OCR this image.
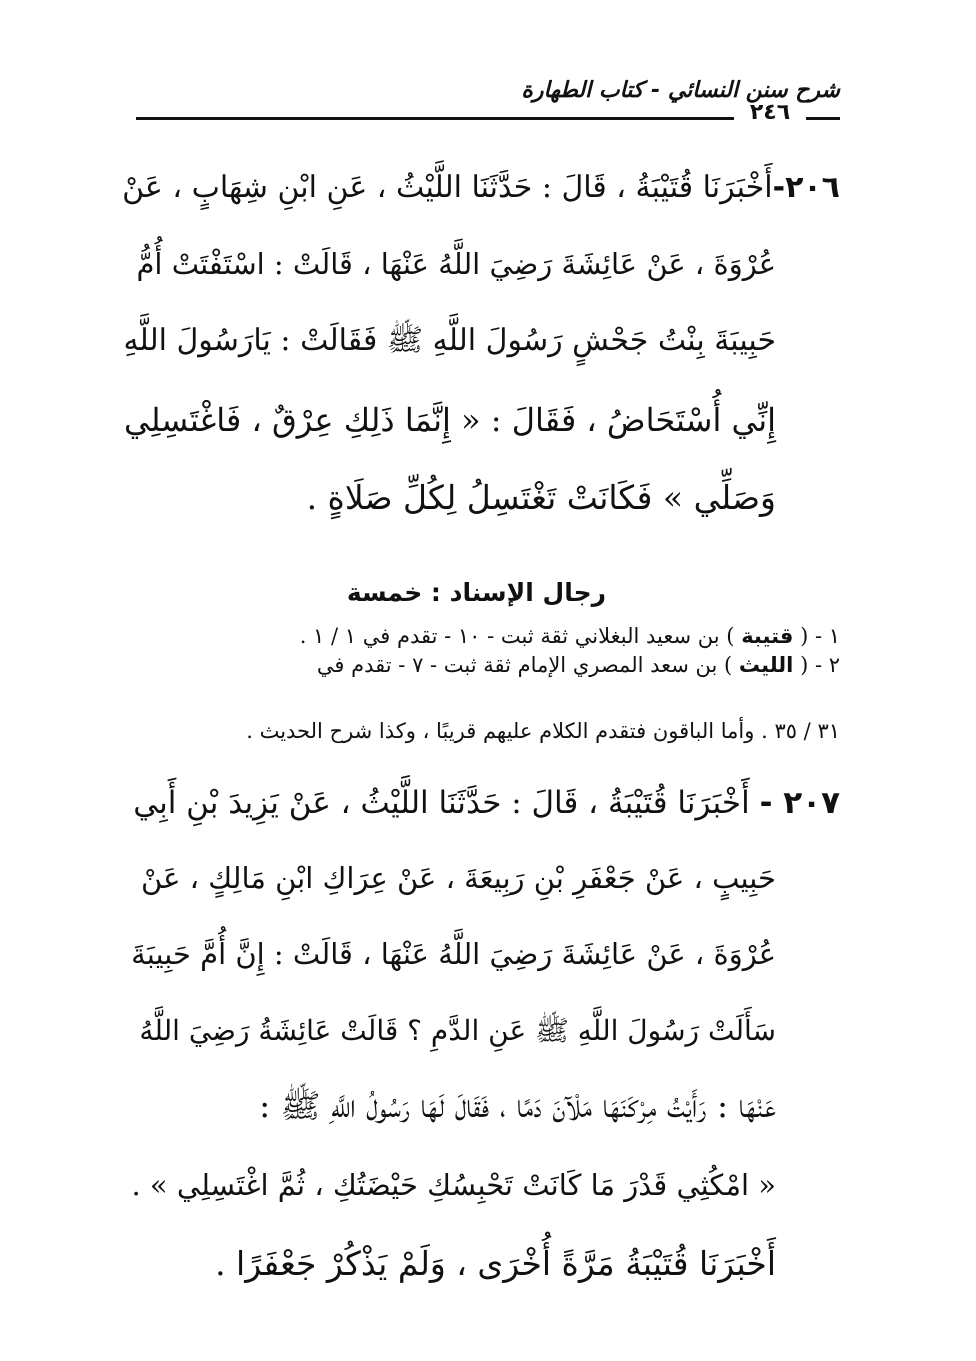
شرح سنن النسائي - كتاب الطهارة
٢٤٦
٢٠٦-أَخْبَرَنَا قُتَيْبَةُ ، قَالَ : حَدَّثَنَا اللَّيْثُ ، عَنِ ابْنِ شِهَابٍ ، عَنْ
عُرْوَةَ ، عَنْ عَائِشَةَ رَضِيَ اللَّهُ عَنْهَا ، قَالَتْ : اسْتَفْتَتْ أُمُّ
حَبِيبَةَ بِنْتُ جَحْشٍ رَسُولَ اللَّهِ ﷺ فَقَالَتْ : يَارَسُولَ اللَّهِ
إِنِّي أُسْتَحَاضُ ، فَقَالَ : « إِنَّمَا ذَلِكِ عِرْقٌ ، فَاغْتَسِلِي
وَصَلِّي » فَكَانَتْ تَغْتَسِلُ لِكُلِّ صَلَاةٍ .
رجال الإسناد : خمسة
١ - ( قتيبة ) بن سعيد البغلاني ثقة ثبت - ١٠ - تقدم في ١ / ١ .
٢ - ( الليث ) بن سعد المصري الإمام ثقة ثبت - ٧ - تقدم في
٣١ / ٣٥ . وأما الباقون فتقدم الكلام عليهم قريبًا ، وكذا شرح الحديث .
٢٠٧ - أَخْبَرَنَا قُتَيْبَةُ ، قَالَ : حَدَّثَنَا اللَّيْثُ ، عَنْ يَزِيدَ بْنِ أَبِي
حَبِيبٍ ، عَنْ جَعْفَرِ بْنِ رَبِيعَةَ ، عَنْ عِرَاكِ ابْنِ مَالِكٍ ، عَنْ
عُرْوَةَ ، عَنْ عَائِشَةَ رَضِيَ اللَّهُ عَنْهَا ، قَالَتْ : إِنَّ أُمَّ حَبِيبَةَ
سَأَلَتْ رَسُولَ اللَّهِ ﷺ عَنِ الدَّمِ ؟ قَالَتْ عَائِشَةُ رَضِيَ اللَّهُ
عَنْهَا : رَأَيْتُ مِرْكَنَهَا مَلْآنَ دَمًا ، فَقَالَ لَهَا رَسُولُ اللَّهِ ﷺ :
« امْكُثِي قَدْرَ مَا كَانَتْ تَحْبِسُكِ حَيْضَتُكِ ، ثُمَّ اغْتَسِلِي » .
أَخْبَرَنَا قُتَيْبَةُ مَرَّةً أُخْرَى ، وَلَمْ يَذْكُرْ جَعْفَرًا .
